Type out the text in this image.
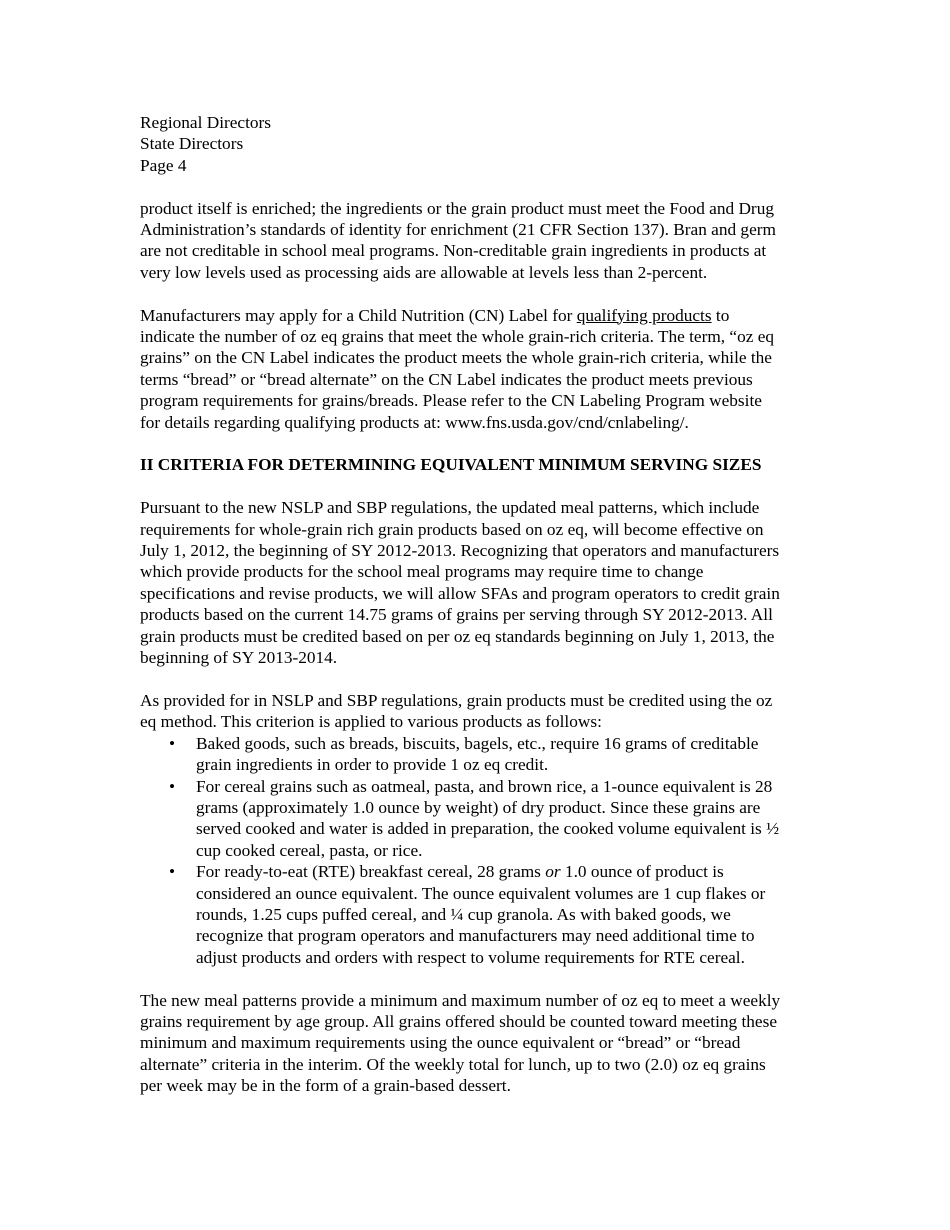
Regional Directors
State Directors
Page 4

product itself is enriched; the ingredients or the grain product must meet the Food and Drug
Administration’s standards of identity for enrichment (21 CFR Section 137). Bran and germ
are not creditable in school meal programs. Non-creditable grain ingredients in products at
very low levels used as processing aids are allowable at levels less than 2-percent.

Manufacturers may apply for a Child Nutrition (CN) Label for qualifying products to
indicate the number of oz eq grains that meet the whole grain-rich criteria. The term, “oz eq
grains” on the CN Label indicates the product meets the whole grain-rich criteria, while the
terms “bread” or “bread alternate” on the CN Label indicates the product meets previous
program requirements for grains/breads. Please refer to the CN Labeling Program website
for details regarding qualifying products at: www.fns.usda.gov/cnd/cnlabeling/.

II CRITERIA FOR DETERMINING EQUIVALENT MINIMUM SERVING SIZES

Pursuant to the new NSLP and SBP regulations, the updated meal patterns, which include
requirements for whole-grain rich grain products based on oz eq, will become effective on
July 1, 2012, the beginning of SY 2012-2013. Recognizing that operators and manufacturers
which provide products for the school meal programs may require time to change
specifications and revise products, we will allow SFAs and program operators to credit grain
products based on the current 14.75 grams of grains per serving through SY 2012-2013. All
grain products must be credited based on per oz eq standards beginning on July 1, 2013, the
beginning of SY 2013-2014.

As provided for in NSLP and SBP regulations, grain products must be credited using the oz
eq method. This criterion is applied to various products as follows:

• Baked goods, such as breads, biscuits, bagels, etc., require 16 grams of creditable
grain ingredients in order to provide 1 oz eq credit.
• For cereal grains such as oatmeal, pasta, and brown rice, a 1-ounce equivalent is 28
grams (approximately 1.0 ounce by weight) of dry product. Since these grains are
served cooked and water is added in preparation, the cooked volume equivalent is ½
cup cooked cereal, pasta, or rice.
• For ready-to-eat (RTE) breakfast cereal, 28 grams or 1.0 ounce of product is
considered an ounce equivalent. The ounce equivalent volumes are 1 cup flakes or
rounds, 1.25 cups puffed cereal, and ¼ cup granola. As with baked goods, we
recognize that program operators and manufacturers may need additional time to
adjust products and orders with respect to volume requirements for RTE cereal.

The new meal patterns provide a minimum and maximum number of oz eq to meet a weekly
grains requirement by age group. All grains offered should be counted toward meeting these
minimum and maximum requirements using the ounce equivalent or “bread” or “bread
alternate” criteria in the interim. Of the weekly total for lunch, up to two (2.0) oz eq grains
per week may be in the form of a grain-based dessert.
